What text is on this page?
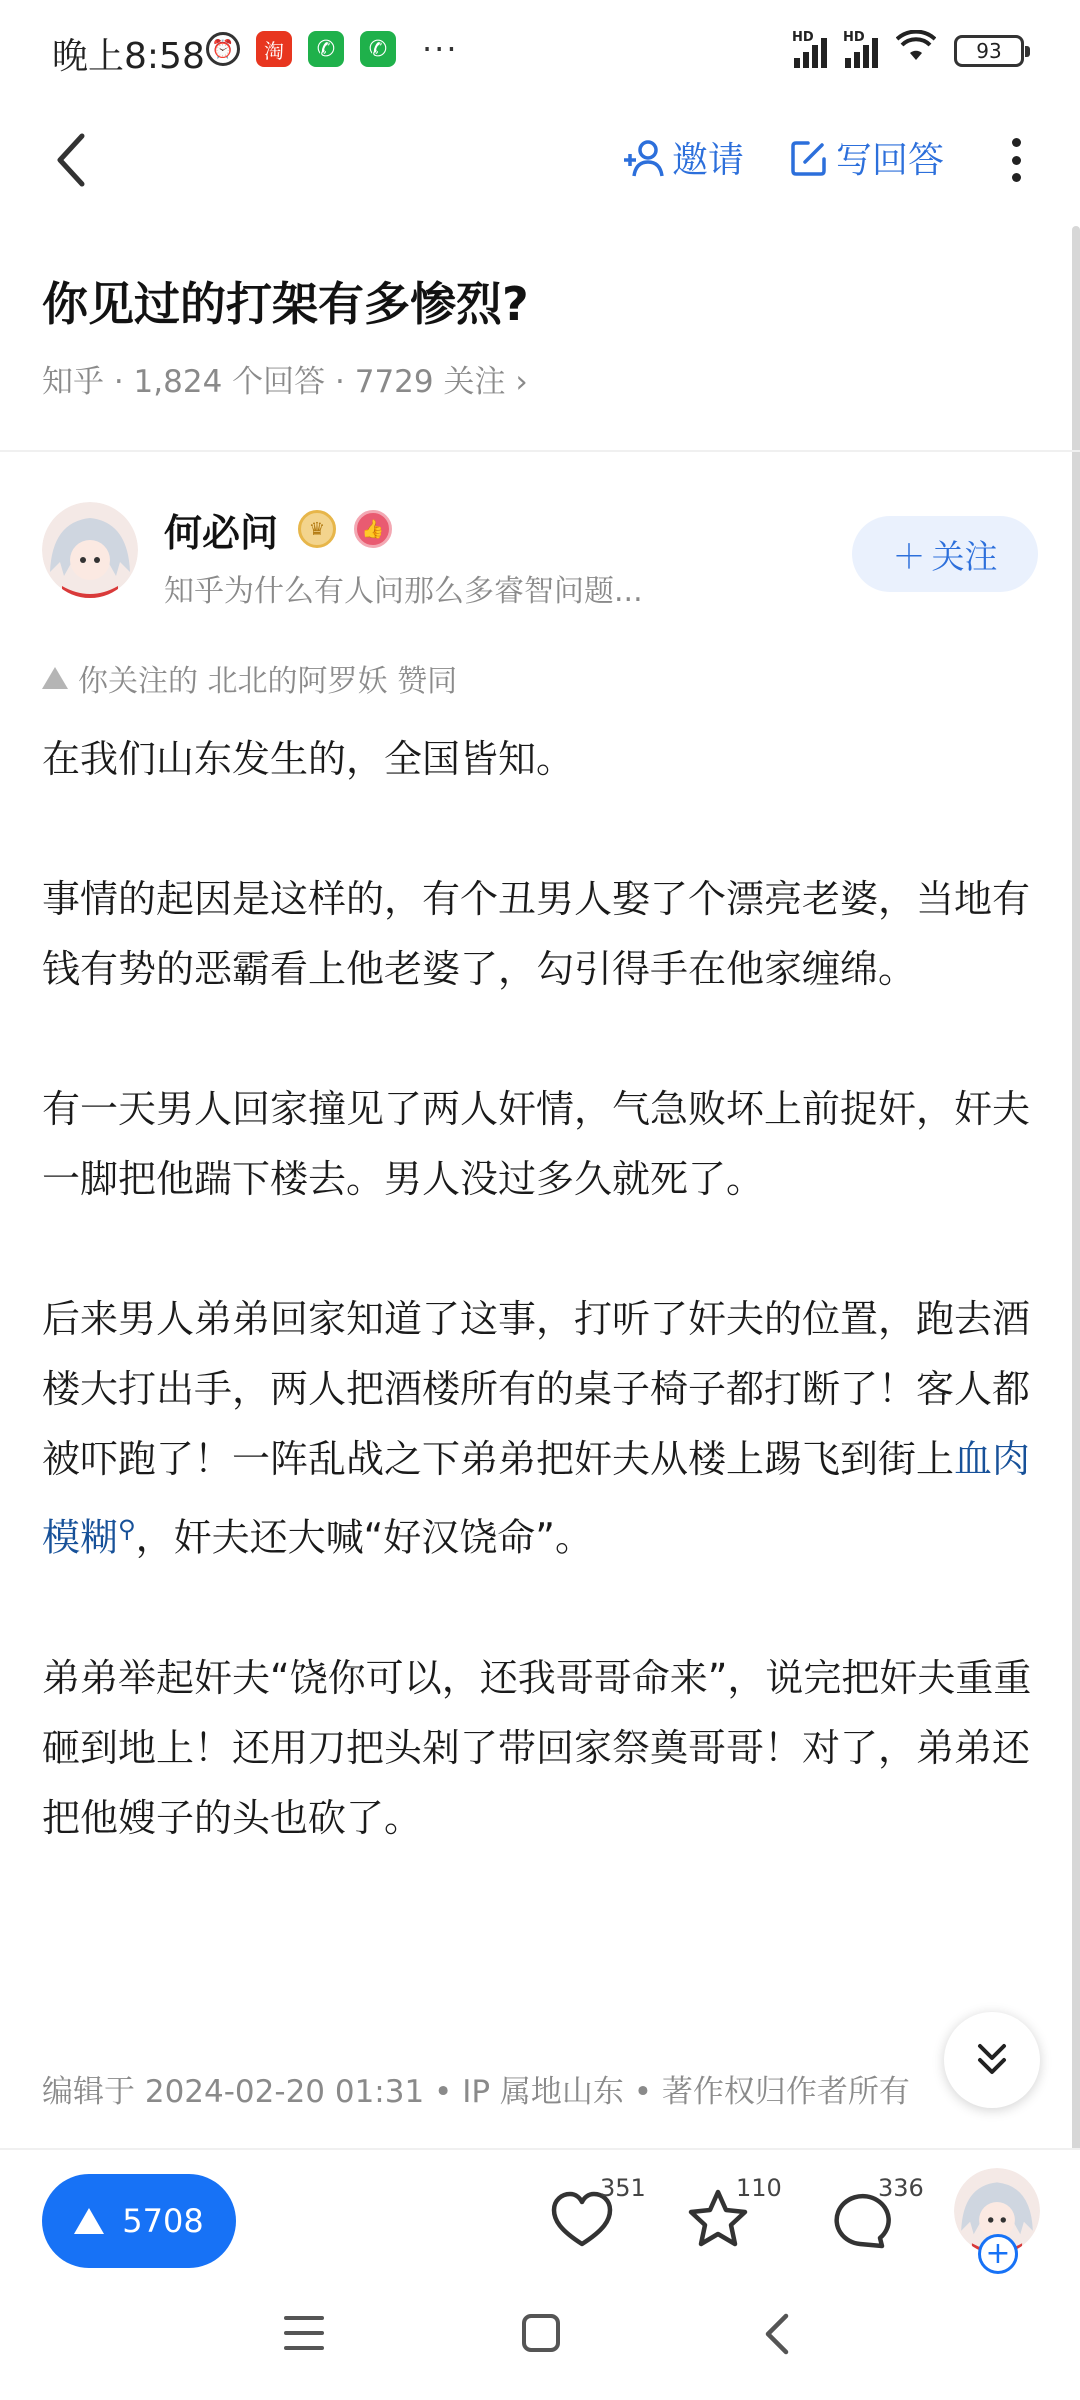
晚上8:58 ⏰	淘	✆	✆ ···	HD HD
93
邀请	写回答
你见过的打架有多惨烈?
知乎 · 1,824 个回答 · 7729 关注 ›
何必问	♛	👍
知乎为什么有人问那么多睿智问题...
＋ 关注
你关注的 北北的阿罗妖 赞同

在我们山东发生的，全国皆知。

事情的起因是这样的，有个丑男人娶了个漂亮老婆，当地有钱有势的恶霸看上他老婆了，勾引得手在他家缠绵。

有一天男人回家撞见了两人奸情，气急败坏上前捉奸，奸夫一脚把他踹下楼去。男人没过多久就死了。

后来男人弟弟回家知道了这事，打听了奸夫的位置，跑去酒楼大打出手，两人把酒楼所有的桌子椅子都打断了！客人都被吓跑了！一阵乱战之下弟弟把奸夫从楼上踢飞到街上血肉模糊⚲，奸夫还大喊“好汉饶命”。

弟弟举起奸夫“饶你可以，还我哥哥命来”，说完把奸夫重重砸到地上！还用刀把头剁了带回家祭奠哥哥！对了，弟弟还把他嫂子的头也砍了。

编辑于 2024-02-20 01:31 • IP 属地山东 • 著作权归作者所有
5708
351	110	336
+
